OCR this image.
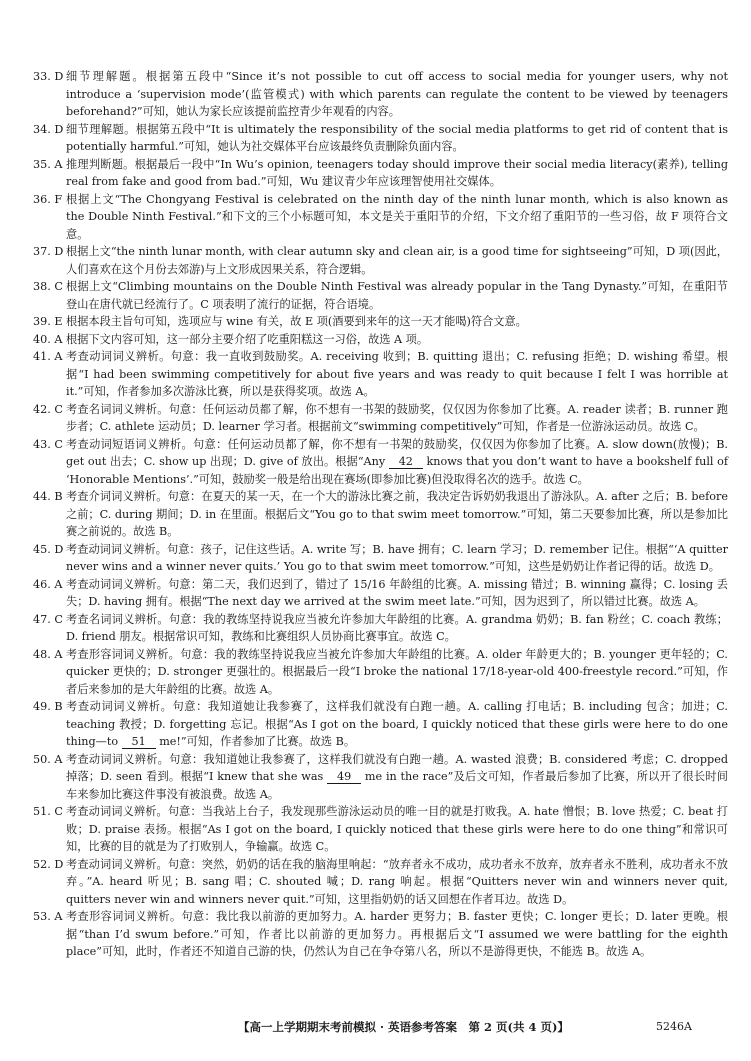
33. D 细节理解题。根据第五段中“Since it’s not possible to cut off access to social media for younger users, why not introduce a ‘supervision mode’(监管模式) with which parents can regulate the content to be viewed by teenagers beforehand?”可知，她认为家长应该提前监控青少年观看的内容。

34. D 细节理解题。根据第五段中“It is ultimately the responsibility of the social media platforms to get rid of content that is potentially harmful.”可知，她认为社交媒体平台应该最终负责删除负面内容。

35. A 推理判断题。根据最后一段中“In Wu’s opinion, teenagers today should improve their social media literacy(素养), telling real from fake and good from bad.”可知，Wu 建议青少年应该理智使用社交媒体。

36. F 根据上文“The Chongyang Festival is celebrated on the ninth day of the ninth lunar month, which is also known as the Double Ninth Festival.”和下文的三个小标题可知，本文是关于重阳节的介绍，下文介绍了重阳节的一些习俗，故 F 项符合文意。

37. D 根据上文“the ninth lunar month, with clear autumn sky and clean air, is a good time for sightseeing”可知，D 项(因此，人们喜欢在这个月份去郊游)与上文形成因果关系，符合逻辑。

38. C 根据上文“Climbing mountains on the Double Ninth Festival was already popular in the Tang Dynasty.”可知，在重阳节登山在唐代就已经流行了。C 项表明了流行的证据，符合语境。

39. E 根据本段主旨句可知，选项应与 wine 有关，故 E 项(酒要到来年的这一天才能喝)符合文意。

40. A 根据下文内容可知，这一部分主要介绍了吃重阳糕这一习俗，故选 A 项。

41. A 考查动词词义辨析。句意：我一直收到鼓励奖。A. receiving 收到；B. quitting 退出；C. refusing 拒绝；D. wishing 希望。根据“I had been swimming competitively for about five years and was ready to quit because I felt I was horrible at it.”可知，作者参加多次游泳比赛，所以是获得奖项。故选 A。

42. C 考查名词词义辨析。句意：任何运动员都了解，你不想有一书架的鼓励奖，仅仅因为你参加了比赛。A. reader 读者；B. runner 跑步者；C. athlete 运动员；D. learner 学习者。根据前文“swimming competitively”可知，作者是一位游泳运动员。故选 C。

43. C 考查动词短语词义辨析。句意：任何运动员都了解，你不想有一书架的鼓励奖，仅仅因为你参加了比赛。A. slow down(放慢)；B. get out 出去；C. show up 出现；D. give of 放出。根据“Any 42 knows that you don’t want to have a bookshelf full of ‘Honorable Mentions’.”可知，鼓励奖一般是给出现在赛场(即参加比赛)但没取得名次的选手。故选 C。

44. B 考查介词词义辨析。句意：在夏天的某一天，在一个大的游泳比赛之前，我决定告诉奶奶我退出了游泳队。A. after 之后；B. before 之前；C. during 期间；D. in 在里面。根据后文“You go to that swim meet tomorrow.”可知，第二天要参加比赛，所以是参加比赛之前说的。故选 B。

45. D 考查动词词义辨析。句意：孩子，记住这些话。A. write 写；B. have 拥有；C. learn 学习；D. remember 记住。根据“‘A quitter never wins and a winner never quits.’ You go to that swim meet tomorrow.”可知，这些是奶奶让作者记得的话。故选 D。

46. A 考查动词词义辨析。句意：第二天，我们迟到了，错过了 15/16 年龄组的比赛。A. missing 错过；B. winning 赢得；C. losing 丢失；D. having 拥有。根据“The next day we arrived at the swim meet late.”可知，因为迟到了，所以错过比赛。故选 A。

47. C 考查名词词义辨析。句意：我的教练坚持说我应当被允许参加大年龄组的比赛。A. grandma 奶奶；B. fan 粉丝；C. coach 教练；D. friend 朋友。根据常识可知，教练和比赛组织人员协商比赛事宜。故选 C。

48. A 考查形容词词义辨析。句意：我的教练坚持说我应当被允许参加大年龄组的比赛。A. older 年龄更大的；B. younger 更年轻的；C. quicker 更快的；D. stronger 更强壮的。根据最后一段“I broke the national 17/18-year-old 400-freestyle record.”可知，作者后来参加的是大年龄组的比赛。故选 A。

49. B 考查动词词义辨析。句意：我知道她让我参赛了，这样我们就没有白跑一趟。A. calling 打电话；B. including 包含；加进；C. teaching 教授；D. forgetting 忘记。根据“As I got on the board, I quickly noticed that these girls were here to do one thing—to 51 me!”可知，作者参加了比赛。故选 B。

50. A 考查动词词义辨析。句意：我知道她让我参赛了，这样我们就没有白跑一趟。A. wasted 浪费；B. considered 考虑；C. dropped 掉落；D. seen 看到。根据“I knew that she was 49 me in the race”及后文可知，作者最后参加了比赛，所以开了很长时间车来参加比赛这件事没有被浪费。故选 A。

51. C 考查动词词义辨析。句意：当我站上台子，我发现那些游泳运动员的唯一目的就是打败我。A. hate 憎恨；B. love 热爱；C. beat 打败；D. praise 表扬。根据“As I got on the board, I quickly noticed that these girls were here to do one thing”和常识可知，比赛的目的就是为了打败别人，争输赢。故选 C。

52. D 考查动词词义辨析。句意：突然，奶奶的话在我的脑海里响起：“放弃者永不成功，成功者永不放弃，放弃者永不胜利，成功者永不放弃。”A. heard 听见；B. sang 唱；C. shouted 喊；D. rang 响起。根据“Quitters never win and winners never quit, quitters never win and winners never quit.”可知，这里指奶奶的话又回想在作者耳边。故选 D。

53. A 考查形容词词义辨析。句意：我比我以前游的更加努力。A. harder 更努力；B. faster 更快；C. longer 更长；D. later 更晚。根据“than I’d swum before.”可知，作者比以前游的更加努力。再根据后文“I assumed we were battling for the eighth place”可知，此时，作者还不知道自己游的快，仍然认为自己在争夺第八名，所以不是游得更快，不能选 B。故选 A。

【高一上学期期末考前模拟 · 英语参考答案　第 2 页(共 4 页)】	5246A
